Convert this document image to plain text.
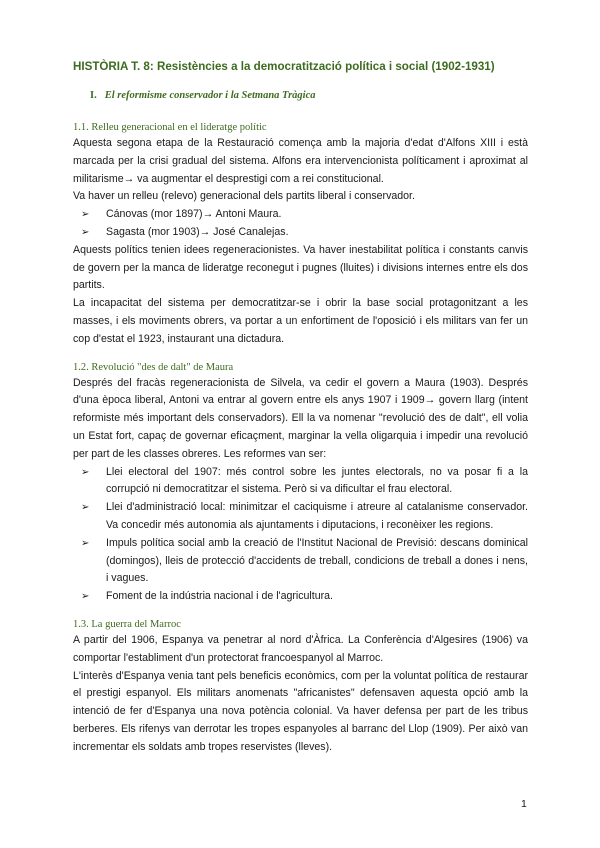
HISTÒRIA T. 8: Resistències a la democratització política i social (1902-1931)
I. El reformisme conservador i la Setmana Tràgica
1.1. Relleu generacional en el lideratge polític

Aquesta segona etapa de la Restauració comença amb la majoria d'edat d'Alfons XIII i està marcada per la crisi gradual del sistema. Alfons era intervencionista políticament i aproximat al militarisme→ va augmentar el desprestigi com a rei constitucional.

Va haver un relleu (relevo) generacional dels partits liberal i conservador.

➢ Cánovas (mor 1897)→ Antoni Maura.
➢ Sagasta (mor 1903)→ José Canalejas.

Aquests polítics tenien idees regeneracionistes. Va haver inestabilitat política i constants canvis de govern per la manca de lideratge reconegut i pugnes (lluites) i divisions internes entre els dos partits.

La incapacitat del sistema per democratitzar-se i obrir la base social protagonitzant a les masses, i els moviments obrers, va portar a un enfortiment de l'oposició i els militars van fer un cop d'estat el 1923, instaurant una dictadura.

1.2. Revolució "des de dalt" de Maura

Després del fracàs regeneracionista de Silvela, va cedir el govern a Maura (1903). Després d'una època liberal, Antoni va entrar al govern entre els anys 1907 i 1909→ govern llarg (intent reformiste més important dels conservadors). Ell la va nomenar "revolució des de dalt", ell volia un Estat fort, capaç de governar eficaçment, marginar la vella oligarquia i impedir una revolució per part de les classes obreres. Les reformes van ser:

➢ Llei electoral del 1907: més control sobre les juntes electorals, no va posar fi a la corrupció ni democratitzar el sistema. Però si va dificultar el frau electoral.
➢ Llei d'administració local: minimitzar el caciquisme i atreure al catalanisme conservador. Va concedir més autonomia als ajuntaments i diputacions, i reconèixer les regions.
➢ Impuls política social amb la creació de l'Institut Nacional de Previsió: descans dominical (domingos), lleis de protecció d'accidents de treball, condicions de treball a dones i nens, i vagues.
➢ Foment de la indústria nacional i de l'agricultura.
1.3. La guerra del Marroc

A partir del 1906, Espanya va penetrar al nord d'Àfrica. La Conferència d'Algesires (1906) va comportar l'establiment d'un protectorat francoespanyol al Marroc.

L'interès d'Espanya venia tant pels beneficis econòmics, com per la voluntat política de restaurar el prestigi espanyol. Els militars anomenats "africanistes" defensaven aquesta opció amb la intenció de fer d'Espanya una nova potència colonial. Va haver defensa per part de les tribus berberes. Els rifenys van derrotar les tropes espanyoles al barranc del Llop (1909). Per això van incrementar els soldats amb tropes reservistes (lleves).

1
